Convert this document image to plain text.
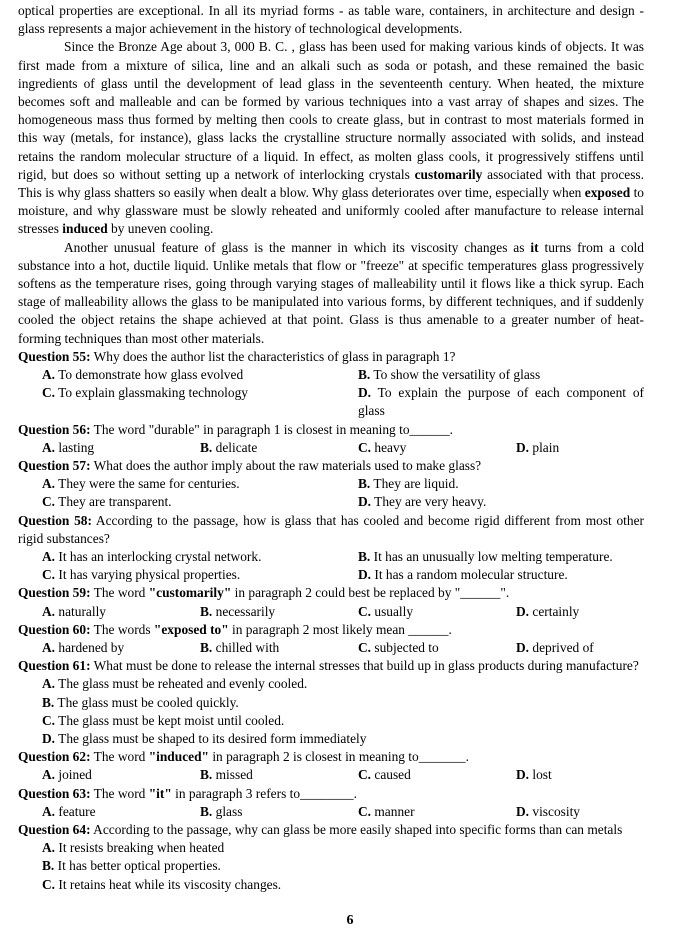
optical properties are exceptional. In all its myriad forms - as table ware, containers, in architecture and design - glass represents a major achievement in the history of technological developments.

Since the Bronze Age about 3, 000 B. C. , glass has been used for making various kinds of objects. It was first made from a mixture of silica, line and an alkali such as soda or potash, and these remained the basic ingredients of glass until the development of lead glass in the seventeenth century. When heated, the mixture becomes soft and malleable and can be formed by various techniques into a vast array of shapes and sizes. The homogeneous mass thus formed by melting then cools to create glass, but in contrast to most materials formed in this way (metals, for instance), glass lacks the crystalline structure normally associated with solids, and instead retains the random molecular structure of a liquid. In effect, as molten glass cools, it progressively stiffens until rigid, but does so without setting up a network of interlocking crystals customarily associated with that process. This is why glass shatters so easily when dealt a blow. Why glass deteriorates over time, especially when exposed to moisture, and why glassware must be slowly reheated and uniformly cooled after manufacture to release internal stresses induced by uneven cooling.

Another unusual feature of glass is the manner in which its viscosity changes as it turns from a cold substance into a hot, ductile liquid. Unlike metals that flow or "freeze" at specific temperatures glass progressively softens as the temperature rises, going through varying stages of malleability until it flows like a thick syrup. Each stage of malleability allows the glass to be manipulated into various forms, by different techniques, and if suddenly cooled the object retains the shape achieved at that point. Glass is thus amenable to a greater number of heat-forming techniques than most other materials.

Question 55: Why does the author list the characteristics of glass in paragraph 1?

A. To demonstrate how glass evolved	B. To show the versatility of glass
C. To explain glassmaking technology	D. To explain the purpose of each component of glass

Question 56: The word "durable" in paragraph 1 is closest in meaning to______.

A. lasting	B. delicate	C. heavy	D. plain

Question 57: What does the author imply about the raw materials used to make glass?

A. They were the same for centuries.	B. They are liquid.
C. They are transparent.	D. They are very heavy.

Question 58: According to the passage, how is glass that has cooled and become rigid different from most other rigid substances?

A. It has an interlocking crystal network.	B. It has an unusually low melting temperature.
C. It has varying physical properties.	D. It has a random molecular structure.

Question 59: The word "customarily" in paragraph 2 could best be replaced by "______".

A. naturally	B. necessarily	C. usually	D. certainly

Question 60: The words "exposed to" in paragraph 2 most likely mean ______.

A. hardened by	B. chilled with	C. subjected to	D. deprived of

Question 61: What must be done to release the internal stresses that build up in glass products during manufacture?

A. The glass must be reheated and evenly cooled.
B. The glass must be cooled quickly.
C. The glass must be kept moist until cooled.
D. The glass must be shaped to its desired form immediately

Question 62: The word "induced" in paragraph 2 is closest in meaning to_______.

A. joined	B. missed	C. caused	D. lost

Question 63: The word "it" in paragraph 3 refers to________.

A. feature	B. glass	C. manner	D. viscosity

Question 64: According to the passage, why can glass be more easily shaped into specific forms than can metals

A. It resists breaking when heated
B. It has better optical properties.
C. It retains heat while its viscosity changes.
6
